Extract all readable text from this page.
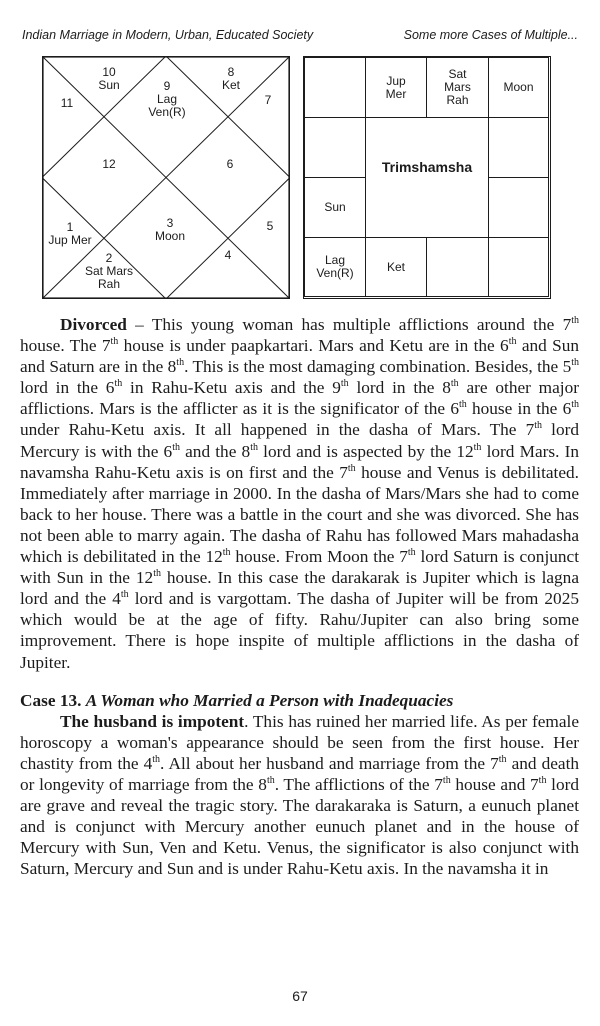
Indian Marriage in Modern, Urban, Educated Society	Some more Cases of Multiple...
10
Sun	9
Lag
Ven(R)
8
Ket
11	7
12	6
1
Jup Mer
3
Moon
5
2
Sat Mars
Rah
4
Jup
Mer
Sat
Mars
Rah
Moon
Sun
Lag
Ven(R)	Ket
Trimshamsha

Divorced – This young woman has multiple afflictions around the 7th house. The 7th house is under paapkartari. Mars and Ketu are in the 6th and Sun and Saturn are in the 8th. This is the most damaging combination. Besides, the 5th lord in the 6th in Rahu-Ketu axis and the 9th lord in the 8th are other major afflictions. Mars is the afflicter as it is the significator of the 6th house in the 6th under Rahu-Ketu axis. It all happened in the dasha of Mars. The 7th lord Mercury is with the 6th and the 8th lord and is aspected by the 12th lord Mars. In navamsha Rahu-Ketu axis is on first and the 7th house and Venus is debilitated. Immediately after marriage in 2000. In the dasha of Mars/Mars she had to come back to her house. There was a battle in the court and she was divorced. She has not been able to marry again. The dasha of Rahu has followed Mars mahadasha which is debilitated in the 12th house. From Moon the 7th lord Saturn is conjunct with Sun in the 12th house. In this case the darakarak is Jupiter which is lagna lord and the 4th lord and is vargottam. The dasha of Jupiter will be from 2025 which would be at the age of fifty. Rahu/Jupiter can also bring some improvement. There is hope inspite of multiple afflictions in the dasha of Jupiter.

Case 13. A Woman who Married a Person with Inadequacies

The husband is impotent. This has ruined her married life. As per female horoscopy a woman's appearance should be seen from the first house. Her chastity from the 4th. All about her husband and marriage from the 7th and death or longevity of marriage from the 8th. The afflictions of the 7th house and 7th lord are grave and reveal the tragic story. The darakaraka is Saturn, a eunuch planet and is conjunct with Mercury another eunuch planet and in the house of Mercury with Sun, Ven and Ketu. Venus, the significator is also conjunct with Saturn, Mercury and Sun and is under Rahu-Ketu axis. In the navamsha it in

67
